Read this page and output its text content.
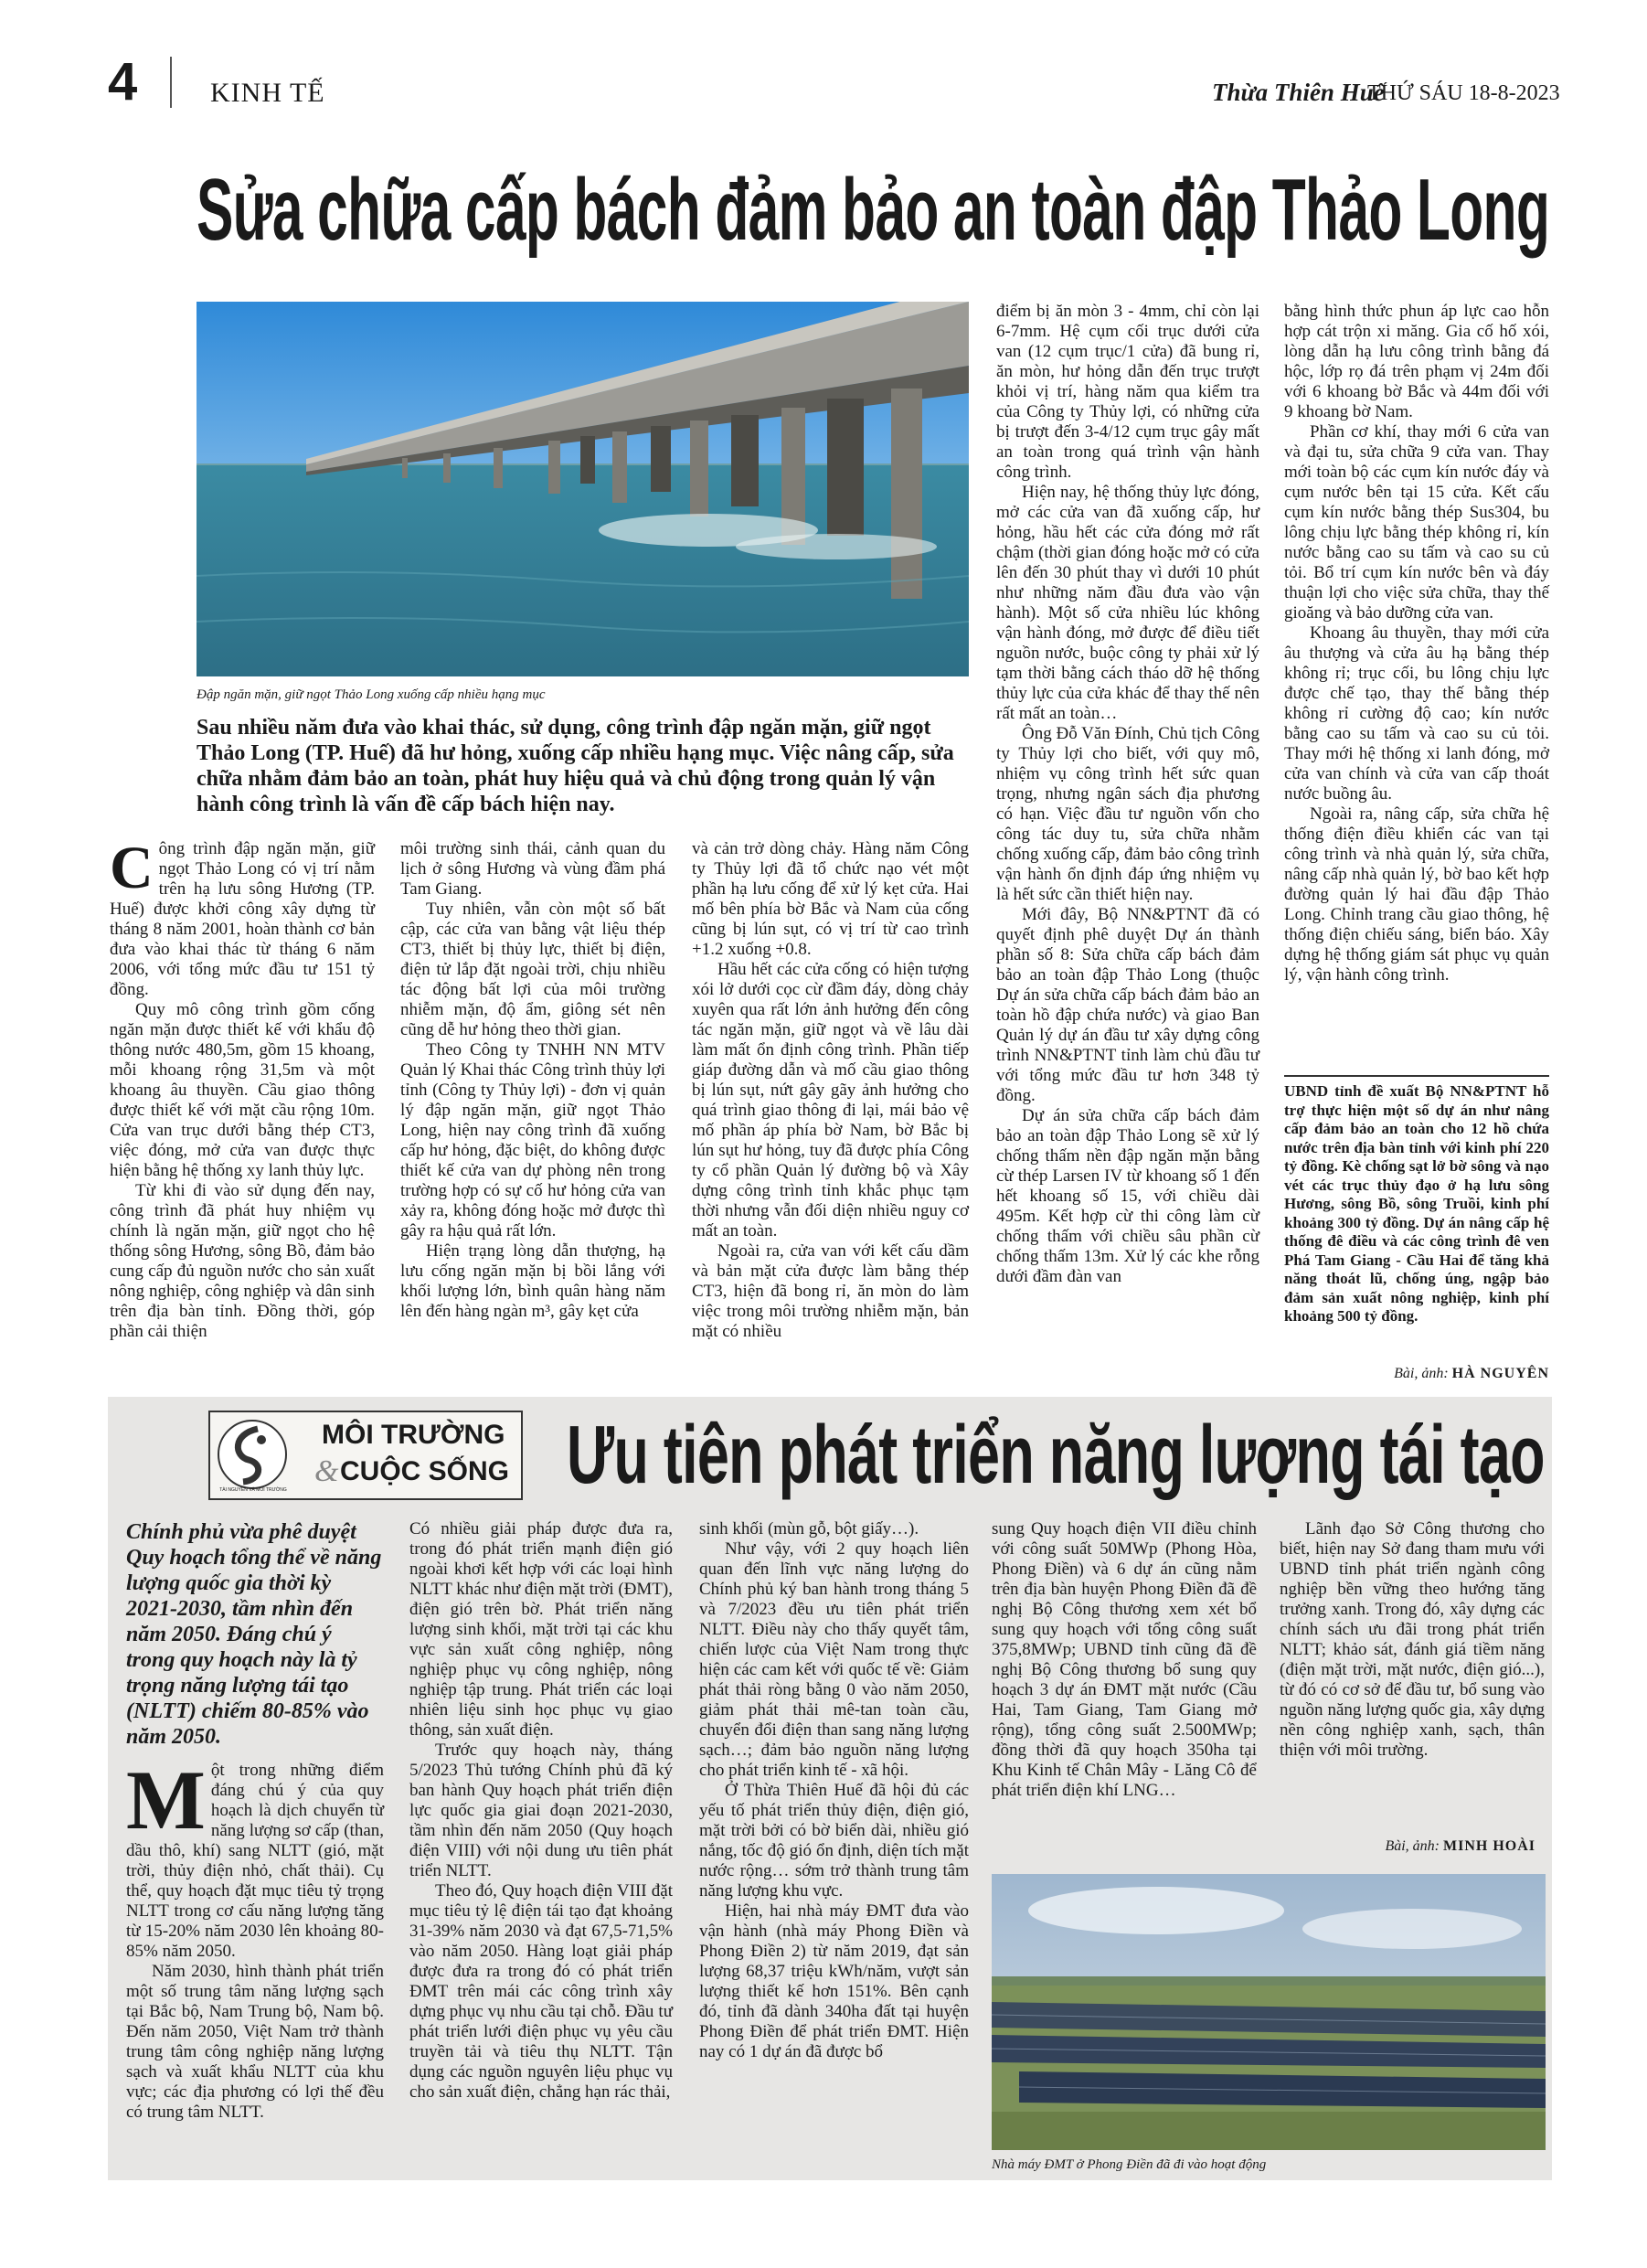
4	KINH TẾ	Thừa Thiên Huế
THỨ SÁU 18-8-2023
Sửa chữa cấp bách đảm bảo an toàn đập Thảo Long
Đập ngăn mặn, giữ ngọt Thảo Long xuống cấp nhiều hạng mục
Sau nhiều năm đưa vào khai thác, sử dụng, công trình đập ngăn mặn, giữ ngọt Thảo Long (TP. Huế) đã hư hỏng, xuống cấp nhiều hạng mục. Việc nâng cấp, sửa chữa nhằm đảm bảo an toàn, phát huy hiệu quả và chủ động trong quản lý vận hành công trình là vấn đề cấp bách hiện nay.

Công trình đập ngăn mặn, giữ ngọt Thảo Long có vị trí nằm trên hạ lưu sông Hương (TP. Huế) được khởi công xây dựng từ tháng 8 năm 2001, hoàn thành cơ bản đưa vào khai thác từ tháng 6 năm 2006, với tổng mức đầu tư 151 tỷ đồng.

Quy mô công trình gồm cống ngăn mặn được thiết kế với khẩu độ thông nước 480,5m, gồm 15 khoang, mỗi khoang rộng 31,5m và một khoang âu thuyền. Cầu giao thông được thiết kế với mặt cầu rộng 10m. Cửa van trục dưới bằng thép CT3, việc đóng, mở cửa van được thực hiện bằng hệ thống xy lanh thủy lực.

Từ khi đi vào sử dụng đến nay, công trình đã phát huy nhiệm vụ chính là ngăn mặn, giữ ngọt cho hệ thống sông Hương, sông Bồ, đảm bảo cung cấp đủ nguồn nước cho sản xuất nông nghiệp, công nghiệp và dân sinh trên địa bàn tỉnh. Đồng thời, góp phần cải thiện

môi trường sinh thái, cảnh quan du lịch ở sông Hương và vùng đầm phá Tam Giang.

Tuy nhiên, vẫn còn một số bất cập, các cửa van bằng vật liệu thép CT3, thiết bị thủy lực, thiết bị điện, điện tử lắp đặt ngoài trời, chịu nhiều tác động bất lợi của môi trường nhiễm mặn, độ ẩm, giông sét nên cũng dễ hư hỏng theo thời gian.

Theo Công ty TNHH NN MTV Quản lý Khai thác Công trình thủy lợi tỉnh (Công ty Thủy lợi) - đơn vị quản lý đập ngăn mặn, giữ ngọt Thảo Long, hiện nay công trình đã xuống cấp hư hỏng, đặc biệt, do không được thiết kế cửa van dự phòng nên trong trường hợp có sự cố hư hỏng cửa van xảy ra, không đóng hoặc mở được thì gây ra hậu quả rất lớn.

Hiện trạng lòng dẫn thượng, hạ lưu cống ngăn mặn bị bồi lắng với khối lượng lớn, bình quân hàng năm lên đến hàng ngàn m³, gây kẹt cửa

và cản trở dòng chảy. Hàng năm Công ty Thủy lợi đã tổ chức nạo vét một phần hạ lưu cống để xử lý kẹt cửa. Hai mố bên phía bờ Bắc và Nam của cống cũng bị lún sụt, có vị trí từ cao trình +1.2 xuống +0.8.

Hầu hết các cửa cống có hiện tượng xói lở dưới cọc cừ đầm đáy, dòng chảy xuyên qua rất lớn ảnh hưởng đến công tác ngăn mặn, giữ ngọt và về lâu dài làm mất ổn định công trình. Phần tiếp giáp đường dẫn và mố cầu giao thông bị lún sụt, nứt gây gãy ảnh hưởng cho quá trình giao thông đi lại, mái bảo vệ mố phần áp phía bờ Nam, bờ Bắc bị lún sụt hư hỏng, tuy đã được phía Công ty cổ phần Quản lý đường bộ và Xây dựng công trình tỉnh khắc phục tạm thời nhưng vẫn đối diện nhiều nguy cơ mất an toàn.

Ngoài ra, cửa van với kết cấu dầm và bản mặt cửa được làm bằng thép CT3, hiện đã bong rỉ, ăn mòn do làm việc trong môi trường nhiễm mặn, bản mặt có nhiều

điểm bị ăn mòn 3 - 4mm, chỉ còn lại 6-7mm. Hệ cụm cối trục dưới cửa van (12 cụm trục/1 cửa) đã bung rỉ, ăn mòn, hư hỏng dẫn đến trục trượt khỏi vị trí, hàng năm qua kiểm tra của Công ty Thủy lợi, có những cửa bị trượt đến 3-4/12 cụm trục gây mất an toàn trong quá trình vận hành công trình.

Hiện nay, hệ thống thủy lực đóng, mở các cửa van đã xuống cấp, hư hỏng, hầu hết các cửa đóng mở rất chậm (thời gian đóng hoặc mở có cửa lên đến 30 phút thay vì dưới 10 phút như những năm đầu đưa vào vận hành). Một số cửa nhiều lúc không vận hành đóng, mở được để điều tiết nguồn nước, buộc công ty phải xử lý tạm thời bằng cách tháo dỡ hệ thống thủy lực của cửa khác để thay thế nên rất mất an toàn…

Ông Đỗ Văn Đính, Chủ tịch Công ty Thủy lợi cho biết, với quy mô, nhiệm vụ công trình hết sức quan trọng, nhưng ngân sách địa phương có hạn. Việc đầu tư nguồn vốn cho công tác duy tu, sửa chữa nhằm chống xuống cấp, đảm bảo công trình vận hành ổn định đáp ứng nhiệm vụ là hết sức cần thiết hiện nay.

Mới đây, Bộ NN&PTNT đã có quyết định phê duyệt Dự án thành phần số 8: Sửa chữa cấp bách đảm bảo an toàn đập Thảo Long (thuộc Dự án sửa chữa cấp bách đảm bảo an toàn hồ đập chứa nước) và giao Ban Quản lý dự án đầu tư xây dựng công trình NN&PTNT tỉnh làm chủ đầu tư với tổng mức đầu tư hơn 348 tỷ đồng.

Dự án sửa chữa cấp bách đảm bảo an toàn đập Thảo Long sẽ xử lý chống thấm nền đập ngăn mặn bằng cừ thép Larsen IV từ khoang số 1 đến hết khoang số 15, với chiều dài 495m. Kết hợp cừ thi công làm cừ chống thấm với chiều sâu phần cừ chống thấm 13m. Xử lý các khe rỗng dưới đầm đàn van

bằng hình thức phun áp lực cao hỗn hợp cát trộn xi măng. Gia cố hố xói, lòng dẫn hạ lưu công trình bằng đá hộc, lớp rọ đá trên phạm vị 24m đối với 6 khoang bờ Bắc và 44m đối với 9 khoang bờ Nam.

Phần cơ khí, thay mới 6 cửa van và đại tu, sửa chữa 9 cửa van. Thay mới toàn bộ các cụm kín nước đáy và cụm nước bên tại 15 cửa. Kết cấu cụm kín nước bằng thép Sus304, bu lông chịu lực bằng thép không rỉ, kín nước bằng cao su tấm và cao su củ tỏi. Bổ trí cụm kín nước bên và đáy thuận lợi cho việc sửa chữa, thay thế gioăng và bảo dưỡng cửa van.

Khoang âu thuyền, thay mới cửa âu thượng và cửa âu hạ bằng thép không rỉ; trục cối, bu lông chịu lực được chế tạo, thay thế bằng thép không rỉ cường độ cao; kín nước bằng cao su tấm và cao su củ tỏi. Thay mới hệ thống xi lanh đóng, mở cửa van chính và cửa van cấp thoát nước buồng âu.

Ngoài ra, nâng cấp, sửa chữa hệ thống điện điều khiển các van tại công trình và nhà quản lý, sửa chữa, nâng cấp nhà quản lý, bờ bao kết hợp đường quản lý hai đầu đập Thảo Long. Chỉnh trang cầu giao thông, hệ thống điện chiếu sáng, biển báo. Xây dựng hệ thống giám sát phục vụ quản lý, vận hành công trình.

UBND tỉnh đề xuất Bộ NN&PTNT hỗ trợ thực hiện một số dự án như nâng cấp đảm bảo an toàn cho 12 hồ chứa nước trên địa bàn tỉnh với kinh phí 220 tỷ đồng. Kè chống sạt lở bờ sông và nạo vét các trục thủy đạo ở hạ lưu sông Hương, sông Bồ, sông Truồi, kinh phí khoảng 300 tỷ đồng. Dự án nâng cấp hệ thống đê điều và các công trình đê ven Phá Tam Giang - Cầu Hai để tăng khả năng thoát lũ, chống úng, ngập bảo đảm sản xuất nông nghiệp, kinh phí khoảng 500 tỷ đồng.

Bài, ảnh: HÀ NGUYÊN
TÀI NGUYÊN VÀ MÔI TRƯỜNG
MÔI TRƯỜNG
& CUỘC SỐNG Ưu tiên phát triển năng lượng tái tạo

Chính phủ vừa phê duyệt Quy hoạch tổng thể về năng lượng quốc gia thời kỳ 2021-2030, tầm nhìn đến năm 2050. Đáng chú ý trong quy hoạch này là tỷ trọng năng lượng tái tạo (NLTT) chiếm 80-85% vào năm 2050.

Một trong những điểm đáng chú ý của quy hoạch là dịch chuyển từ năng lượng sơ cấp (than, dầu thô, khí) sang NLTT (gió, mặt trời, thủy điện nhỏ, chất thải). Cụ thể, quy hoạch đặt mục tiêu tỷ trọng NLTT trong cơ cấu năng lượng tăng từ 15-20% năm 2030 lên khoảng 80-85% năm 2050.

Năm 2030, hình thành phát triển một số trung tâm năng lượng sạch tại Bắc bộ, Nam Trung bộ, Nam bộ. Đến năm 2050, Việt Nam trở thành trung tâm công nghiệp năng lượng sạch và xuất khẩu NLTT của khu vực; các địa phương có lợi thế đều có trung tâm NLTT.

Có nhiều giải pháp được đưa ra, trong đó phát triển mạnh điện gió ngoài khơi kết hợp với các loại hình NLTT khác như điện mặt trời (ĐMT), điện gió trên bờ. Phát triển năng lượng sinh khối, mặt trời tại các khu vực sản xuất công nghiệp, nông nghiệp phục vụ công nghiệp, nông nghiệp tập trung. Phát triển các loại nhiên liệu sinh học phục vụ giao thông, sản xuất điện.

Trước quy hoạch này, tháng 5/2023 Thủ tướng Chính phủ đã ký ban hành Quy hoạch phát triển điện lực quốc gia giai đoạn 2021-2030, tầm nhìn đến năm 2050 (Quy hoạch điện VIII) với nội dung ưu tiên phát triển NLTT.

Theo đó, Quy hoạch điện VIII đặt mục tiêu tỷ lệ điện tái tạo đạt khoảng 31-39% năm 2030 và đạt 67,5-71,5% vào năm 2050. Hàng loạt giải pháp được đưa ra trong đó có phát triển ĐMT trên mái các công trình xây dựng phục vụ nhu cầu tại chỗ. Đầu tư phát triển lưới điện phục vụ yêu cầu truyền tải và tiêu thụ NLTT. Tận dụng các nguồn nguyên liệu phục vụ cho sản xuất điện, chẳng hạn rác thải,

sinh khối (mùn gỗ, bột giấy…).

Như vậy, với 2 quy hoạch liên quan đến lĩnh vực năng lượng do Chính phủ ký ban hành trong tháng 5 và 7/2023 đều ưu tiên phát triển NLTT. Điều này cho thấy quyết tâm, chiến lược của Việt Nam trong thực hiện các cam kết với quốc tế về: Giảm phát thải ròng bằng 0 vào năm 2050, giảm phát thải mê-tan toàn cầu, chuyển đổi điện than sang năng lượng sạch…; đảm bảo nguồn năng lượng cho phát triển kinh tế - xã hội.

Ở Thừa Thiên Huế đã hội đủ các yếu tố phát triển thủy điện, điện gió, mặt trời bởi có bờ biển dài, nhiều gió nắng, tốc độ gió ổn định, diện tích mặt nước rộng… sớm trở thành trung tâm năng lượng khu vực.

Hiện, hai nhà máy ĐMT đưa vào vận hành (nhà máy Phong Điền và Phong Điền 2) từ năm 2019, đạt sản lượng 68,37 triệu kWh/năm, vượt sản lượng thiết kế hơn 151%. Bên cạnh đó, tỉnh đã dành 340ha đất tại huyện Phong Điền để phát triển ĐMT. Hiện nay có 1 dự án đã được bổ

sung Quy hoạch điện VII điều chỉnh với công suất 50MWp (Phong Hòa, Phong Điền) và 6 dự án cũng nằm trên địa bàn huyện Phong Điền đã đề nghị Bộ Công thương xem xét bổ sung quy hoạch với tổng công suất 375,8MWp; UBND tỉnh cũng đã đề nghị Bộ Công thương bổ sung quy hoạch 3 dự án ĐMT mặt nước (Cầu Hai, Tam Giang, Tam Giang mở rộng), tổng công suất 2.500MWp; đồng thời đã quy hoạch 350ha tại Khu Kinh tế Chân Mây - Lăng Cô để phát triển điện khí LNG…

Lãnh đạo Sở Công thương cho biết, hiện nay Sở đang tham mưu với UBND tỉnh phát triển ngành công nghiệp bền vững theo hướng tăng trưởng xanh. Trong đó, xây dựng các chính sách ưu đãi trong phát triển NLTT; khảo sát, đánh giá tiềm năng (điện mặt trời, mặt nước, điện gió...), từ đó có cơ sở để đầu tư, bổ sung vào nguồn năng lượng quốc gia, xây dựng nền công nghiệp xanh, sạch, thân thiện với môi trường.

Bài, ảnh: MINH HOÀI
Nhà máy ĐMT ở Phong Điền đã đi vào hoạt động
